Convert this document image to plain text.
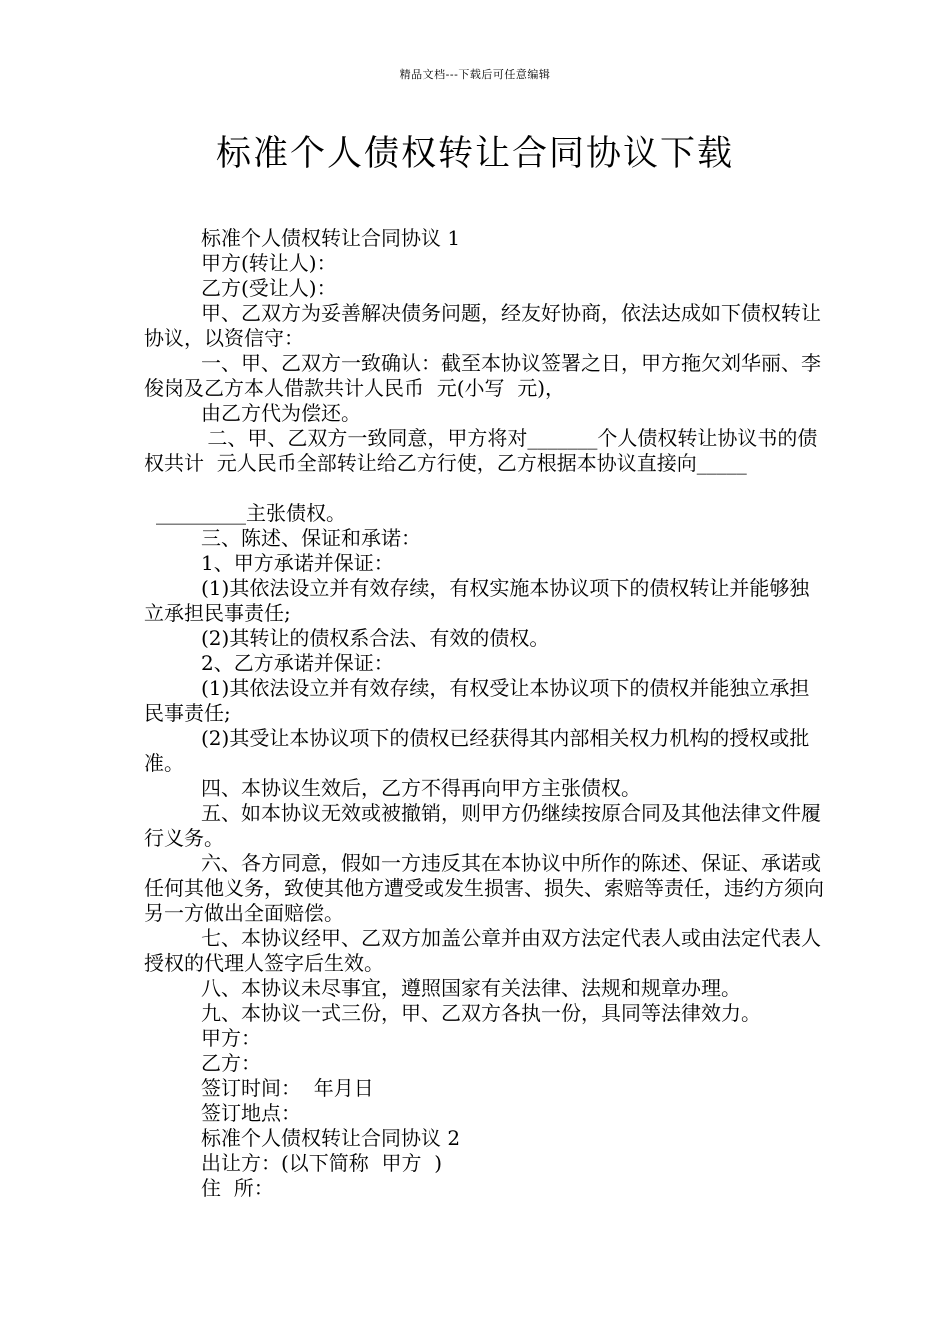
精品文档---下载后可任意编辑
标准个人债权转让合同协议下载

标准个人债权转让合同协议 1

甲方(转让人)：

乙方(受让人)：

甲、乙双方为妥善解决债务问题，经友好协商，依法达成如下债权转让协议，以资信守：

一、甲、乙双方一致确认：截至本协议签署之日，甲方拖欠刘华丽、李俊岗及乙方本人借款共计人民币  元(小写  元)，

由乙方代为偿还。

二、甲、乙双方一致同意，甲方将对_______个人债权转让协议书的债权共计  元人民币全部转让给乙方行使，乙方根据本协议直接向_____

_________主张债权。

三、陈述、保证和承诺：

1、甲方承诺并保证：

(1)其依法设立并有效存续，有权实施本协议项下的债权转让并能够独立承担民事责任;

(2)其转让的债权系合法、有效的债权。

2、乙方承诺并保证：

(1)其依法设立并有效存续，有权受让本协议项下的债权并能独立承担民事责任;

(2)其受让本协议项下的债权已经获得其内部相关权力机构的授权或批准。

四、本协议生效后，乙方不得再向甲方主张债权。

五、如本协议无效或被撤销，则甲方仍继续按原合同及其他法律文件履行义务。

六、各方同意，假如一方违反其在本协议中所作的陈述、保证、承诺或任何其他义务，致使其他方遭受或发生损害、损失、索赔等责任，违约方须向另一方做出全面赔偿。

七、本协议经甲、乙双方加盖公章并由双方法定代表人或由法定代表人授权的代理人签字后生效。

八、本协议未尽事宜，遵照国家有关法律、法规和规章办理。

九、本协议一式三份，甲、乙双方各执一份，具同等法律效力。

甲方：

乙方：

签订时间：  年月日

签订地点：

标准个人债权转让合同协议 2

出让方：(以下简称  甲方  )

住  所：
